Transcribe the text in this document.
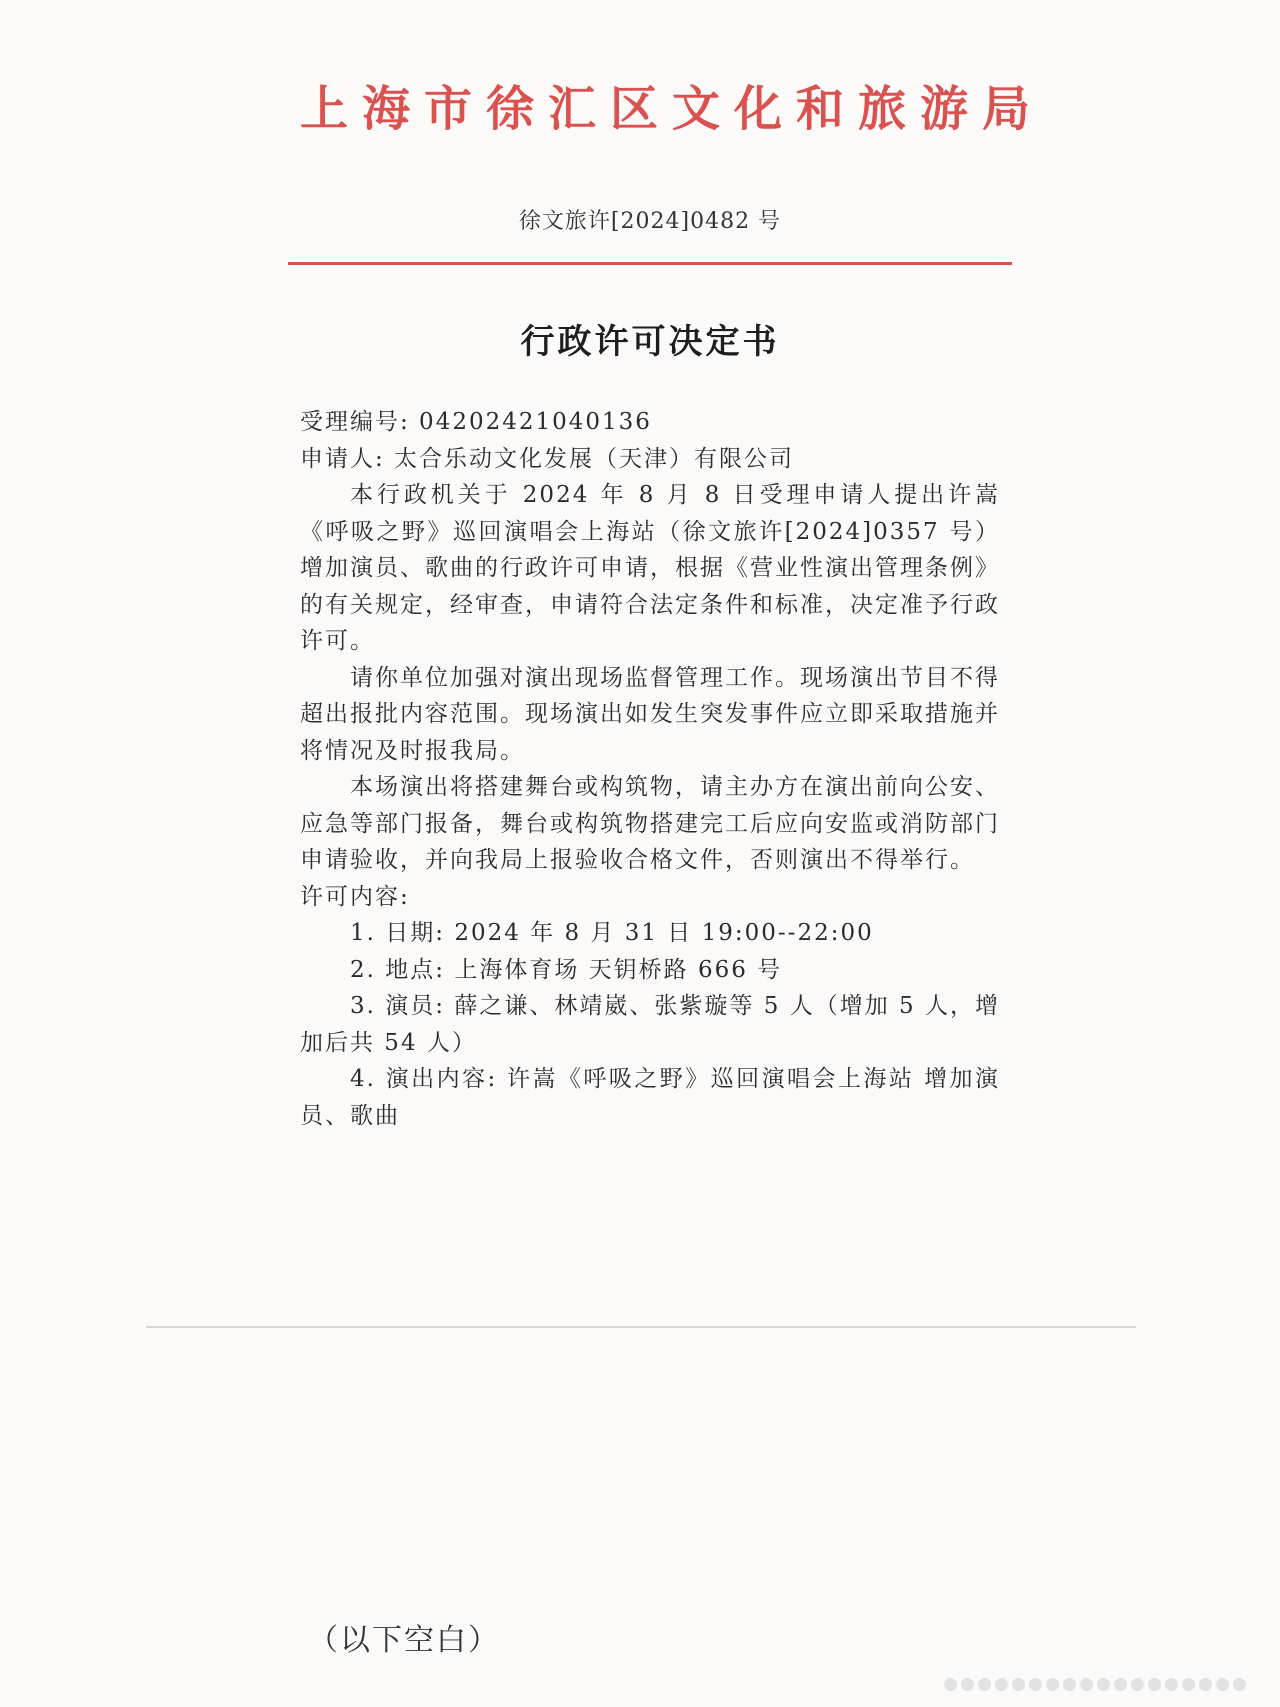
上海市徐汇区文化和旅游局
徐文旅许[2024]0482 号
行政许可决定书

受理编号: 04202421040136

申请人: 太合乐动文化发展（天津）有限公司

本行政机关于 2024 年 8 月 8 日受理申请人提出许嵩《呼吸之野》巡回演唱会上海站（徐文旅许[2024]0357 号）增加演员、歌曲的行政许可申请，根据《营业性演出管理条例》的有关规定，经审查，申请符合法定条件和标准，决定准予行政许可。

请你单位加强对演出现场监督管理工作。现场演出节目不得超出报批内容范围。现场演出如发生突发事件应立即采取措施并将情况及时报我局。

本场演出将搭建舞台或构筑物，请主办方在演出前向公安、应急等部门报备，舞台或构筑物搭建完工后应向安监或消防部门申请验收，并向我局上报验收合格文件，否则演出不得举行。

许可内容:

1. 日期: 2024 年 8 月 31 日 19:00--22:00

2. 地点: 上海体育场 天钥桥路 666 号

3. 演员: 薛之谦、林靖崴、张紫璇等 5 人（增加 5 人，增加后共 54 人）

4. 演出内容: 许嵩《呼吸之野》巡回演唱会上海站 增加演员、歌曲

（以下空白）
